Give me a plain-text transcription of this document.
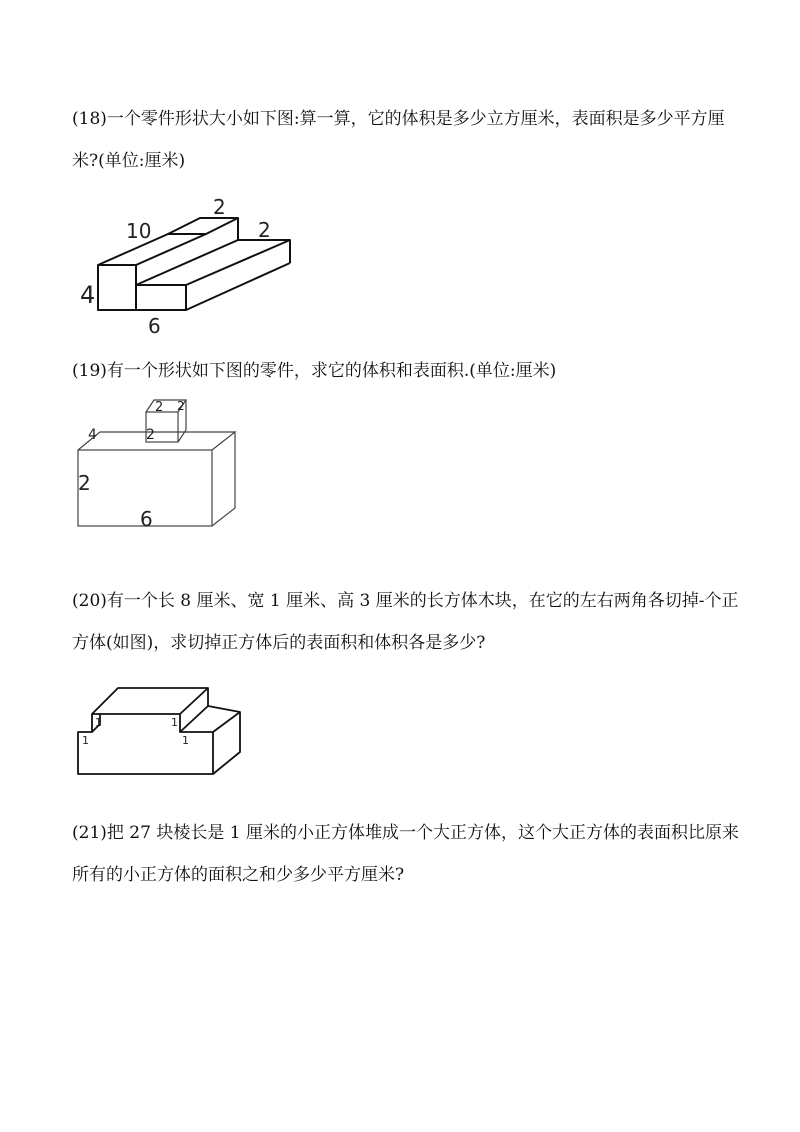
(18)一个零件形状大小如下图:算一算，它的体积是多少立方厘米，表面积是多少平方厘米?(单位:厘米)

10
2
2
4
6

(19)有一个形状如下图的零件，求它的体积和表面积.(单位:厘米)

2 2
2
4
2
6

(20)有一个长 8 厘米、宽 1 厘米、高 3 厘米的长方体木块，在它的左右两角各切掉-个正方体(如图)，求切掉正方体后的表面积和体积各是多少?

1
1
1
1

(21)把 27 块棱长是 1 厘米的小正方体堆成一个大正方体，这个大正方体的表面积比原来所有的小正方体的面积之和少多少平方厘米?
